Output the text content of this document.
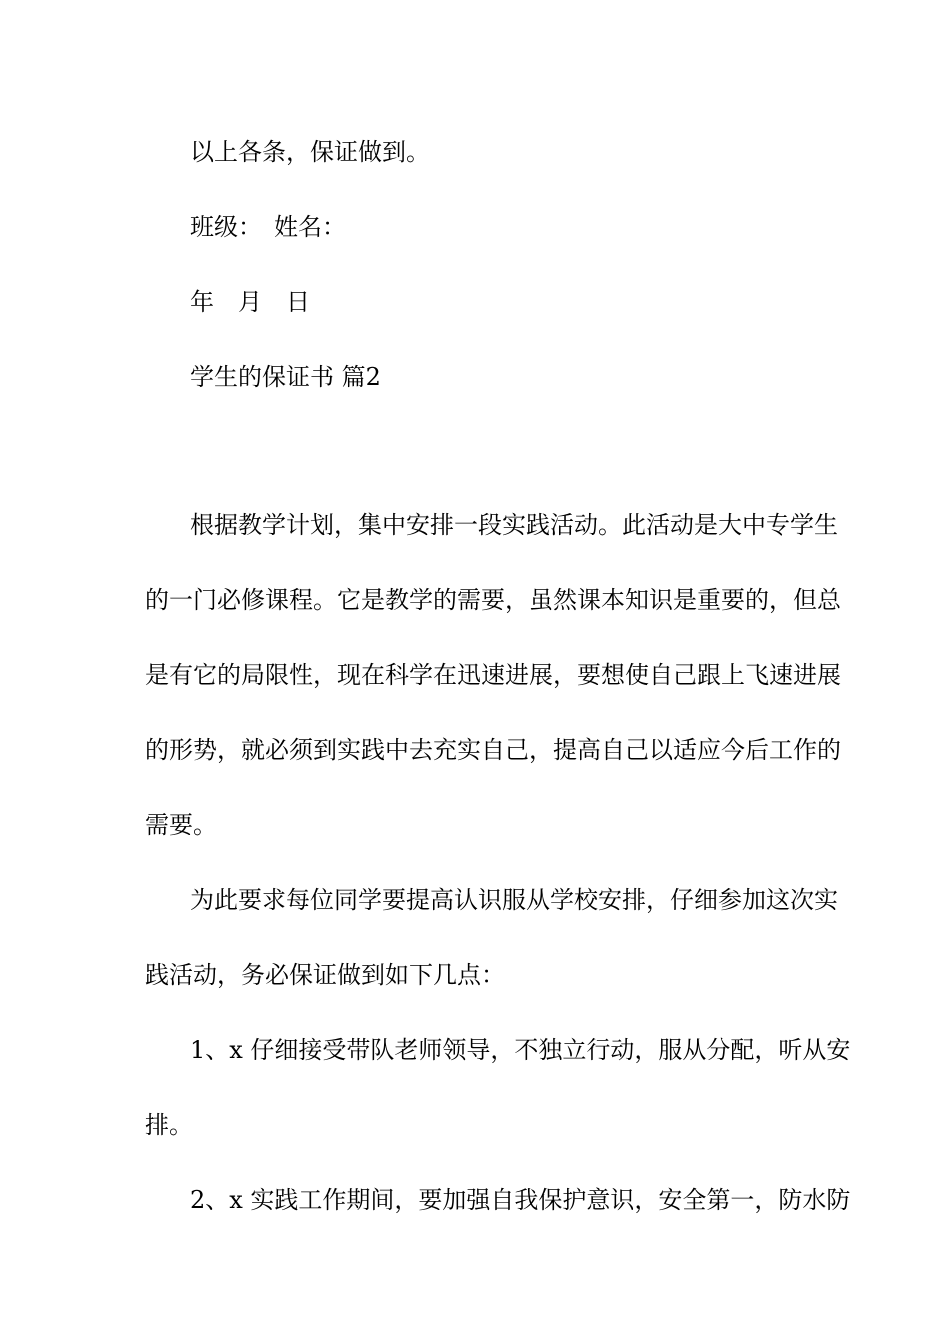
以上各条，保证做到。
班级：　姓名：
年　月　日
学生的保证书 篇2
根据教学计划，集中安排一段实践活动。此活动是大中专学生
的一门必修课程。它是教学的需要，虽然课本知识是重要的，但总
是有它的局限性，现在科学在迅速进展，要想使自己跟上飞速进展
的形势，就必须到实践中去充实自己，提高自己以适应今后工作的
需要。
为此要求每位同学要提高认识服从学校安排，仔细参加这次实
践活动，务必保证做到如下几点：
1、x 仔细接受带队老师领导，不独立行动，服从分配，听从安
排。
2、x 实践工作期间，要加强自我保护意识，安全第一，防水防
